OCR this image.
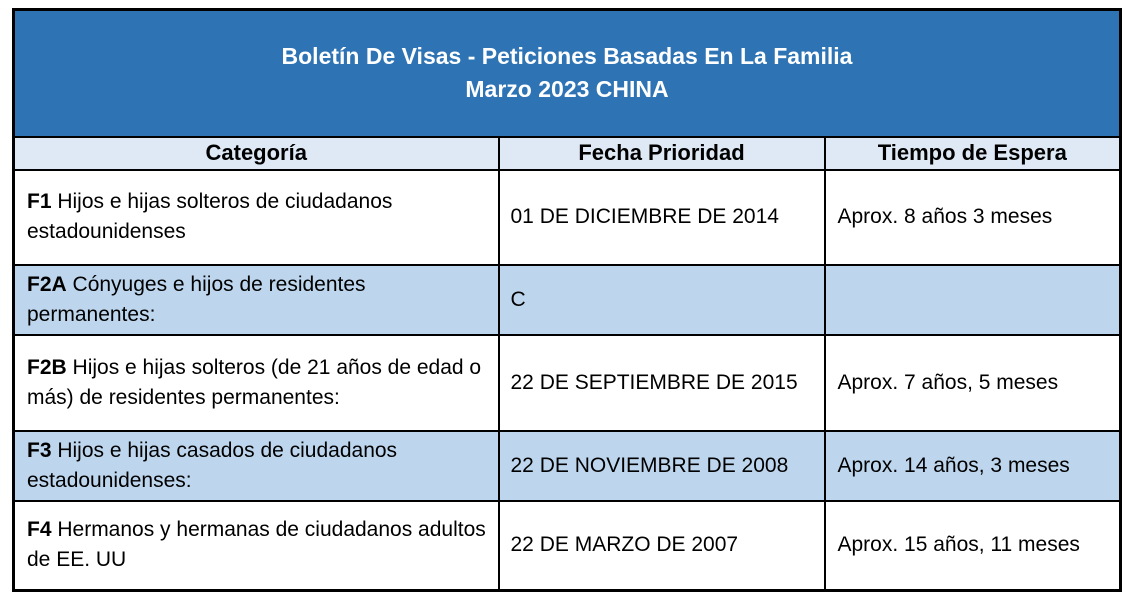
Boletín De Visas - Peticiones Basadas En La Familia
Marzo 2023 CHINA		

Categoría	Fecha Prioridad	Tiempo de Espera
F1 Hijos e hijas solteros de ciudadanos estadounidenses	01 DE DICIEMBRE DE 2014	Aprox. 8 años 3 meses
F2A Cónyuges e hijos de residentes permanentes:	C	
F2B Hijos e hijas solteros (de 21 años de edad o más) de residentes permanentes:	22 DE SEPTIEMBRE DE 2015	Aprox. 7 años, 5 meses
F3 Hijos e hijas casados de ciudadanos estadounidenses:	22 DE NOVIEMBRE DE 2008	Aprox. 14 años, 3 meses
F4 Hermanos y hermanas de ciudadanos adultos de EE. UU	22 DE MARZO DE 2007	Aprox. 15 años, 11 meses
